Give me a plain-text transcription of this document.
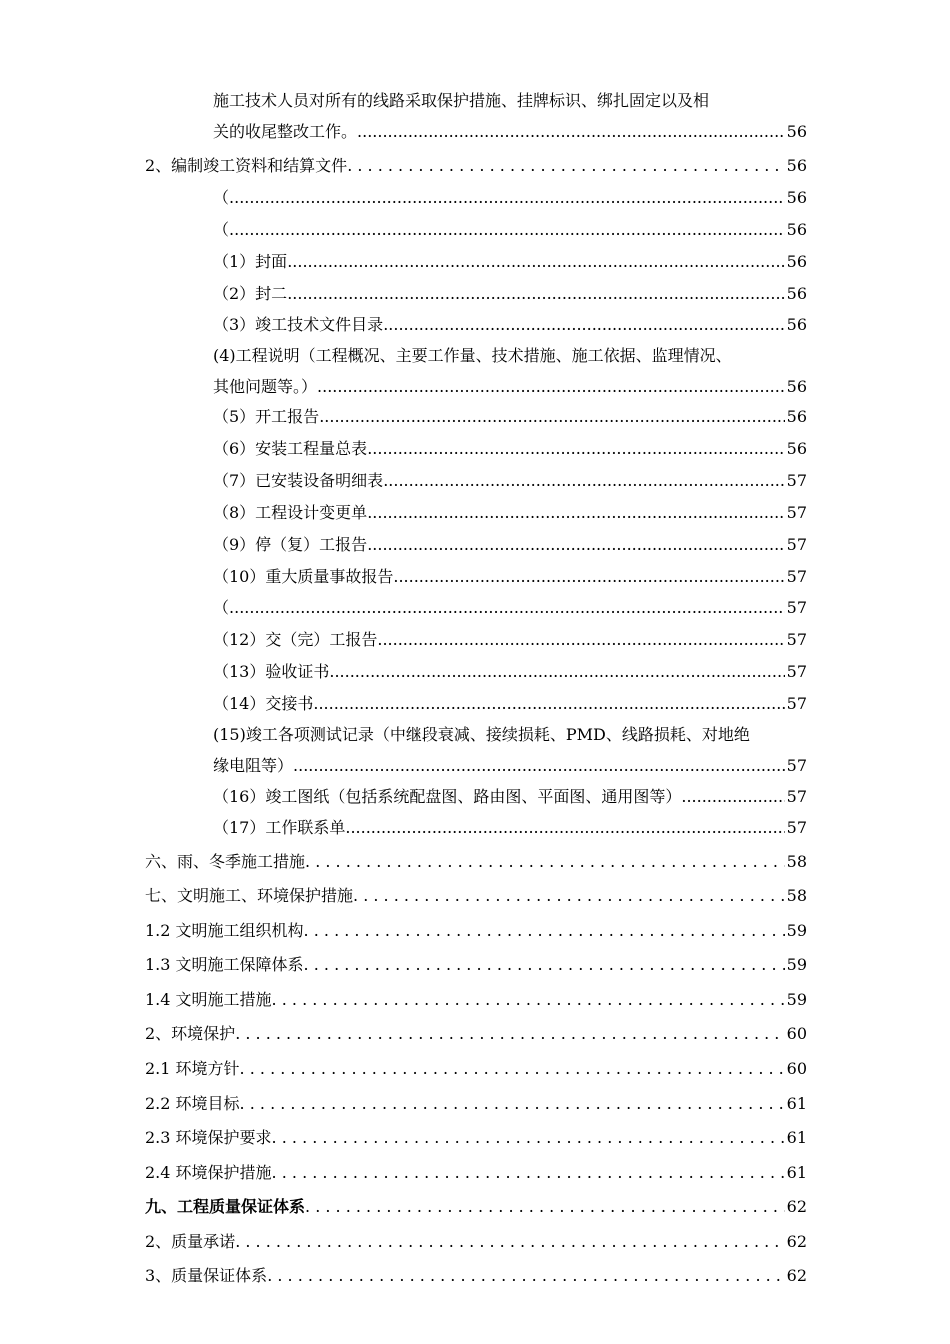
施工技术人员对所有的线路采取保护措施、挂牌标识、绑扎固定以及相
关的收尾整改工作。 .....	56
2、编制竣工资料和结算文件 . . .	56
（ .....	56
（ .....	56
（1）封面 .....	56
（2）封二 .....	56
（3）竣工技术文件目录 .....	56
(4)工程说明（工程概况、主要工作量、技术措施、施工依据、监理情况、
其他问题等。） .....	56
（5）开工报告 .....	56
（6）安装工程量总表 .....	56
（7）已安装设备明细表 .....	57
（8）工程设计变更单 .....	57
（9）停（复）工报告 .....	57
（10）重大质量事故报告 .....	57
（ .....	57
（12）交（完）工报告 .....	57
（13）验收证书 .....	57
（14）交接书 .....	57
(15)竣工各项测试记录（中继段衰减、接续损耗、PMD、线路损耗、对地绝
缘电阻等） .....	57
（16）竣工图纸（包括系统配盘图、路由图、平面图、通用图等） .....	57
（17）工作联系单 .....	57
六、雨、冬季施工措施 . . .	58
七、文明施工、环境保护措施 . . .	58
1.2 文明施工组织机构 . . .	59
1.3 文明施工保障体系 . . .	59
1.4 文明施工措施 . . .	59
2、环境保护 . . .	60
2.1 环境方针 . . .	60
2.2 环境目标 . . .	61
2.3 环境保护要求 . . .	61
2.4 环境保护措施 . . .	61
九、工程质量保证体系 . . .	62
2、质量承诺 . . .	62
3、质量保证体系 . . .	62
